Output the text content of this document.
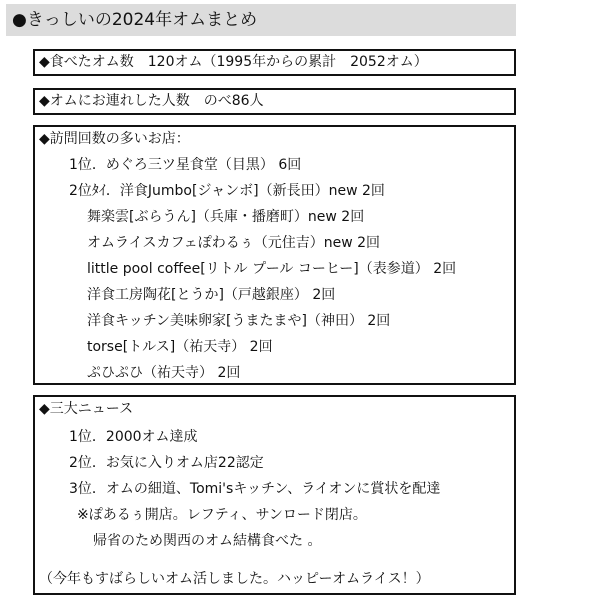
●きっしいの2024年オムまとめ
◆食べたオム数　120オム（1995年からの累計　2052オム）
◆オムにお連れした人数　のべ86人
◆訪問回数の多いお店：
1位．めぐろ三ツ星食堂（目黒） 6回
2位ﾀｲ．洋食Jumbo[ジャンボ]（新長田）new 2回
舞楽雲[ぶらうん]（兵庫・播磨町）new 2回
オムライスカフェぽわるぅ（元住吉）new 2回
little pool coffee[リトル プール コーヒー]（表参道） 2回
洋食工房陶花[とうか]（戸越銀座） 2回
洋食キッチン美味卵家[うまたまや]（神田） 2回
torse[トルス]（祐天寺） 2回
ぷひぷひ（祐天寺） 2回
◆三大ニュース
1位．2000オム達成
2位．お気に入りオム店22認定
3位．オムの細道、Tomi'sキッチン、ライオンに賞状を配達
※ぽあるぅ開店。レフティ、サンロード閉店。
帰省のため関西のオム結構食べた 。
（今年もすばらしいオム活しました。ハッピーオムライス！）
